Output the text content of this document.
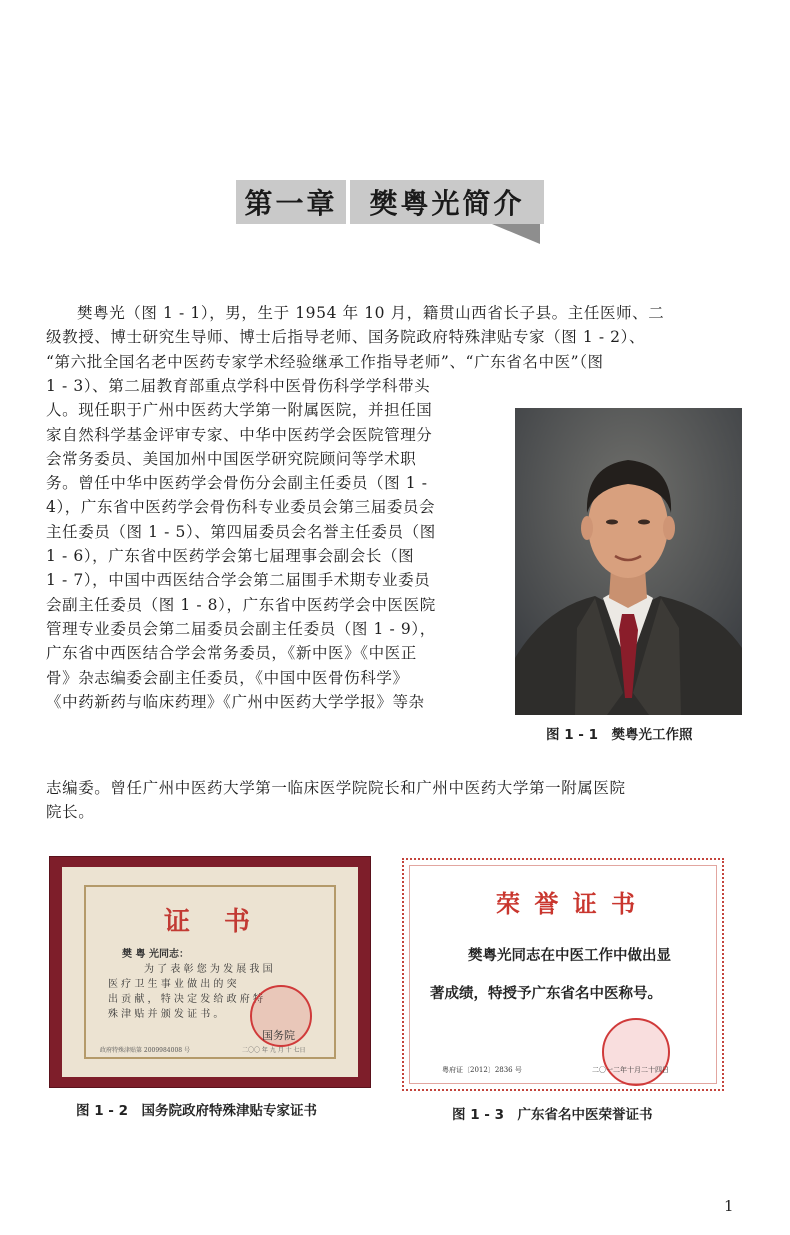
第一章 樊粤光简介
樊粤光（图 1 - 1），男，生于 1954 年 10 月，籍贯山西省长子县。主任医师、二
级教授、博士研究生导师、博士后指导老师、国务院政府特殊津贴专家（图 1 - 2）、
“第六批全国名老中医药专家学术经验继承工作指导老师”、“广东省名中医”（图
1 - 3）、第二届教育部重点学科中医骨伤科学学科带头
人。现任职于广州中医药大学第一附属医院，并担任国
家自然科学基金评审专家、中华中医药学会医院管理分
会常务委员、美国加州中国医学研究院顾问等学术职
务。曾任中华中医药学会骨伤分会副主任委员（图 1 -
4），广东省中医药学会骨伤科专业委员会第三届委员会
主任委员（图 1 - 5）、第四届委员会名誉主任委员（图
1 - 6），广东省中医药学会第七届理事会副会长（图
1 - 7），中国中西医结合学会第二届围手术期专业委员
会副主任委员（图 1 - 8），广东省中医药学会中医医院
管理专业委员会第二届委员会副主任委员（图 1 - 9），
广东省中西医结合学会常务委员，《新中医》《中医正
骨》杂志编委会副主任委员，《中国中医骨伤科学》
《中药新药与临床药理》《广州中医药大学学报》等杂
志编委。曾任广州中医药大学第一临床医学院院长和广州中医药大学第一附属医院
院长。
图 1 - 1　樊粤光工作照
证　书
樊 粤 光同志：
为 了 表 彰 您 为 发 展 我 国
医 疗 卫 生 事 业 做 出 的 突
出 贡 献 ， 特 决 定 发 给 政 府 特
殊 津 贴 并 颁 发 证 书 。
国务院
政府特殊津贴第 2009984008 号	二〇〇 年 九 月 十 七日
图 1 - 2　国务院政府特殊津贴专家证书
荣 誉 证 书
樊粤光同志在中医工作中做出显
著成绩，特授予广东省名中医称号。
粤府证〔2012〕2836 号	二〇一二年十月二十四日
图 1 - 3　广东省名中医荣誉证书
1
